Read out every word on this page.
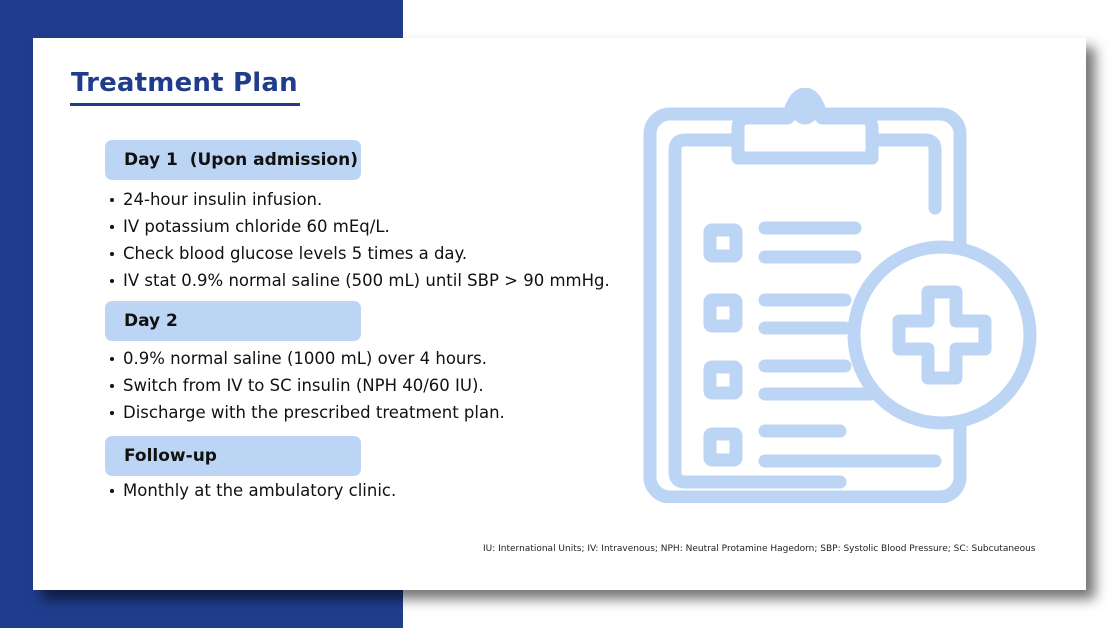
Treatment Plan
Day 1  (Upon admission)
24-hour insulin infusion.
IV potassium chloride 60 mEq/L.
Check blood glucose levels 5 times a day.
IV stat 0.9% normal saline (500 mL) until SBP > 90 mmHg.
Day 2
0.9% normal saline (1000 mL) over 4 hours.
Switch from IV to SC insulin (NPH 40/60 IU).
Discharge with the prescribed treatment plan.
Follow-up
Monthly at the ambulatory clinic.
IU: International Units; IV: Intravenous; NPH: Neutral Protamine Hagedorn; SBP: Systolic Blood Pressure; SC: Subcutaneous
